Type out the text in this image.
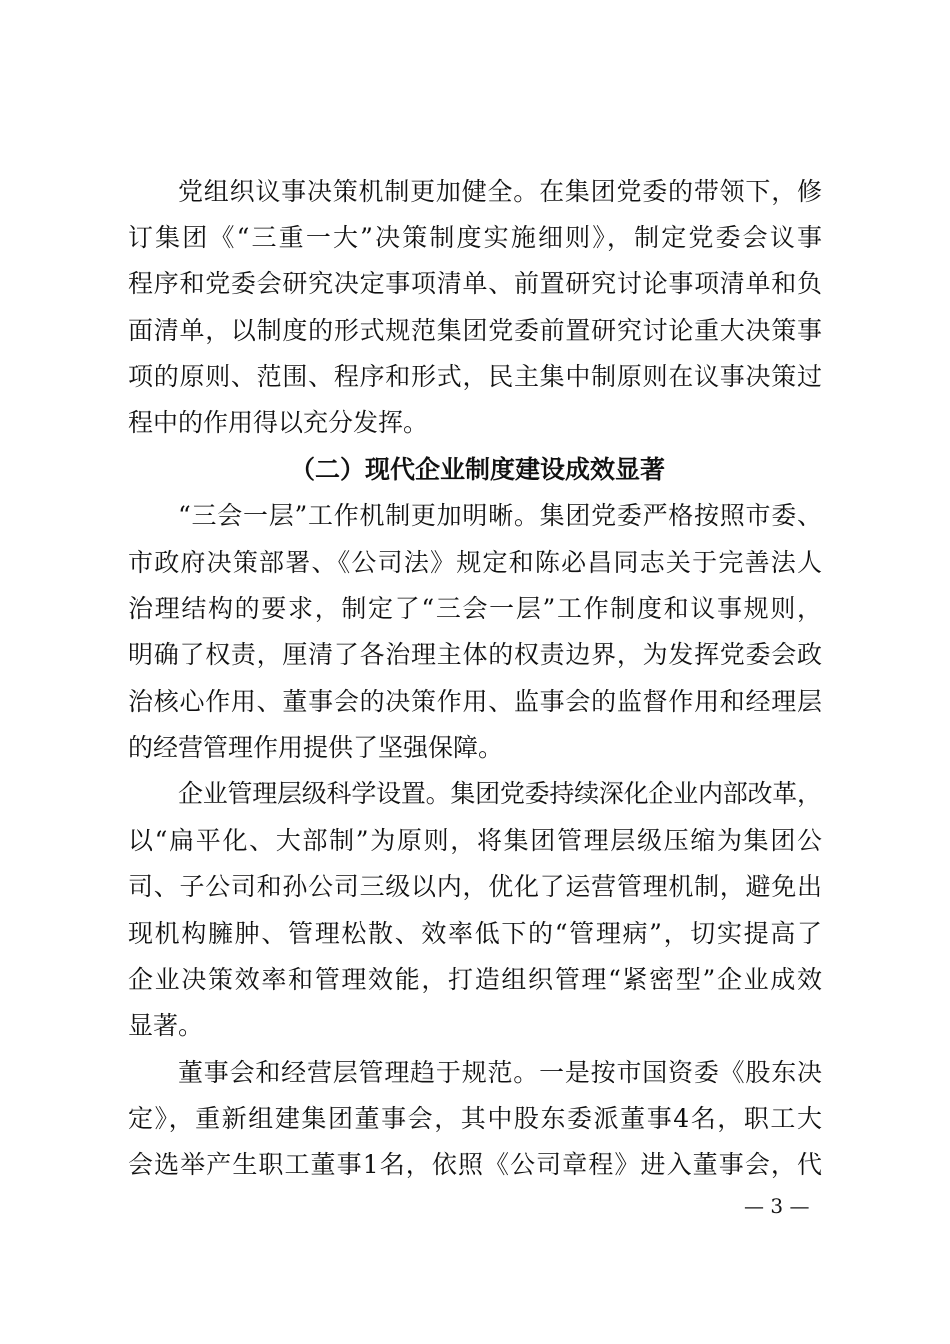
党组织议事决策机制更加健全。在集团党委的带领下，修
订集团《“三重一大”决策制度实施细则》，制定党委会议事
程序和党委会研究决定事项清单、前置研究讨论事项清单和负
面清单，以制度的形式规范集团党委前置研究讨论重大决策事
项的原则、范围、程序和形式，民主集中制原则在议事决策过
程中的作用得以充分发挥。
（二）现代企业制度建设成效显著
“三会一层”工作机制更加明晰。集团党委严格按照市委、
市政府决策部署、《公司法》规定和陈必昌同志关于完善法人
治理结构的要求，制定了“三会一层”工作制度和议事规则，
明确了权责，厘清了各治理主体的权责边界，为发挥党委会政
治核心作用、董事会的决策作用、监事会的监督作用和经理层
的经营管理作用提供了坚强保障。
企业管理层级科学设置。集团党委持续深化企业内部改革，
以“扁平化、大部制”为原则，将集团管理层级压缩为集团公
司、子公司和孙公司三级以内，优化了运营管理机制，避免出
现机构臃肿、管理松散、效率低下的“管理病”，切实提高了
企业决策效率和管理效能，打造组织管理“紧密型”企业成效
显著。
董事会和经营层管理趋于规范。一是按市国资委《股东决
定》，重新组建集团董事会，其中股东委派董事4名，职工大
会选举产生职工董事1名，依照《公司章程》进入董事会，代
— 3 —
